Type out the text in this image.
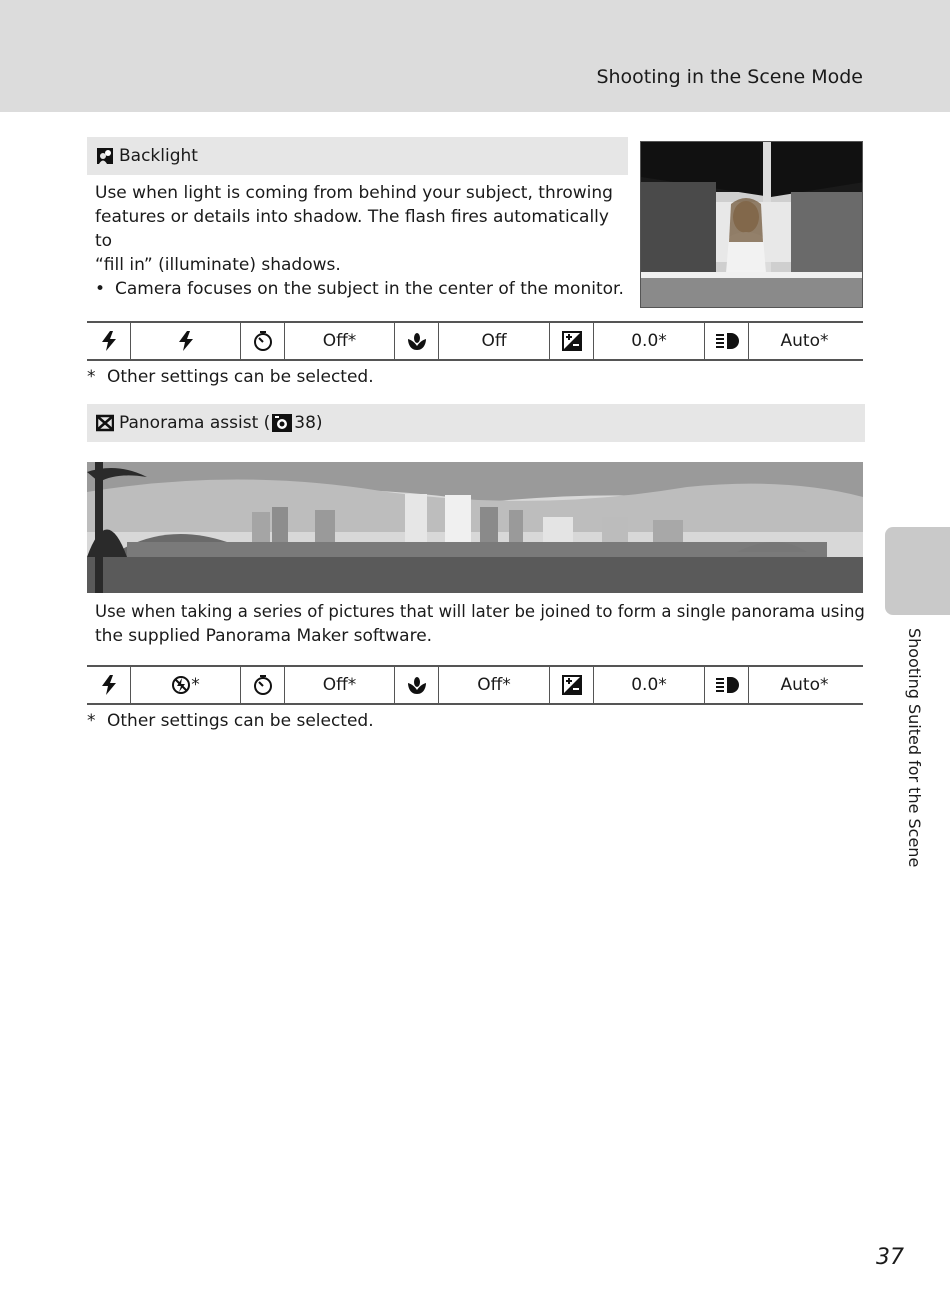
Shooting in the Scene Mode
Backlight
Use when light is coming from behind your subject, throwing
features or details into shadow. The flash fires automatically to
“fill in” (illuminate) shadows.
• Camera focuses on the subject in the center of the monitor.
Off*	Off	0.0*	Auto*
* Other settings can be selected.
Panorama assist ( 38)
Use when taking a series of pictures that will later be joined to form a single panorama using
the supplied Panorama Maker software.
*	Off*	Off*	0.0*	Auto*
* Other settings can be selected.	Shooting Suited for the Scene
37
